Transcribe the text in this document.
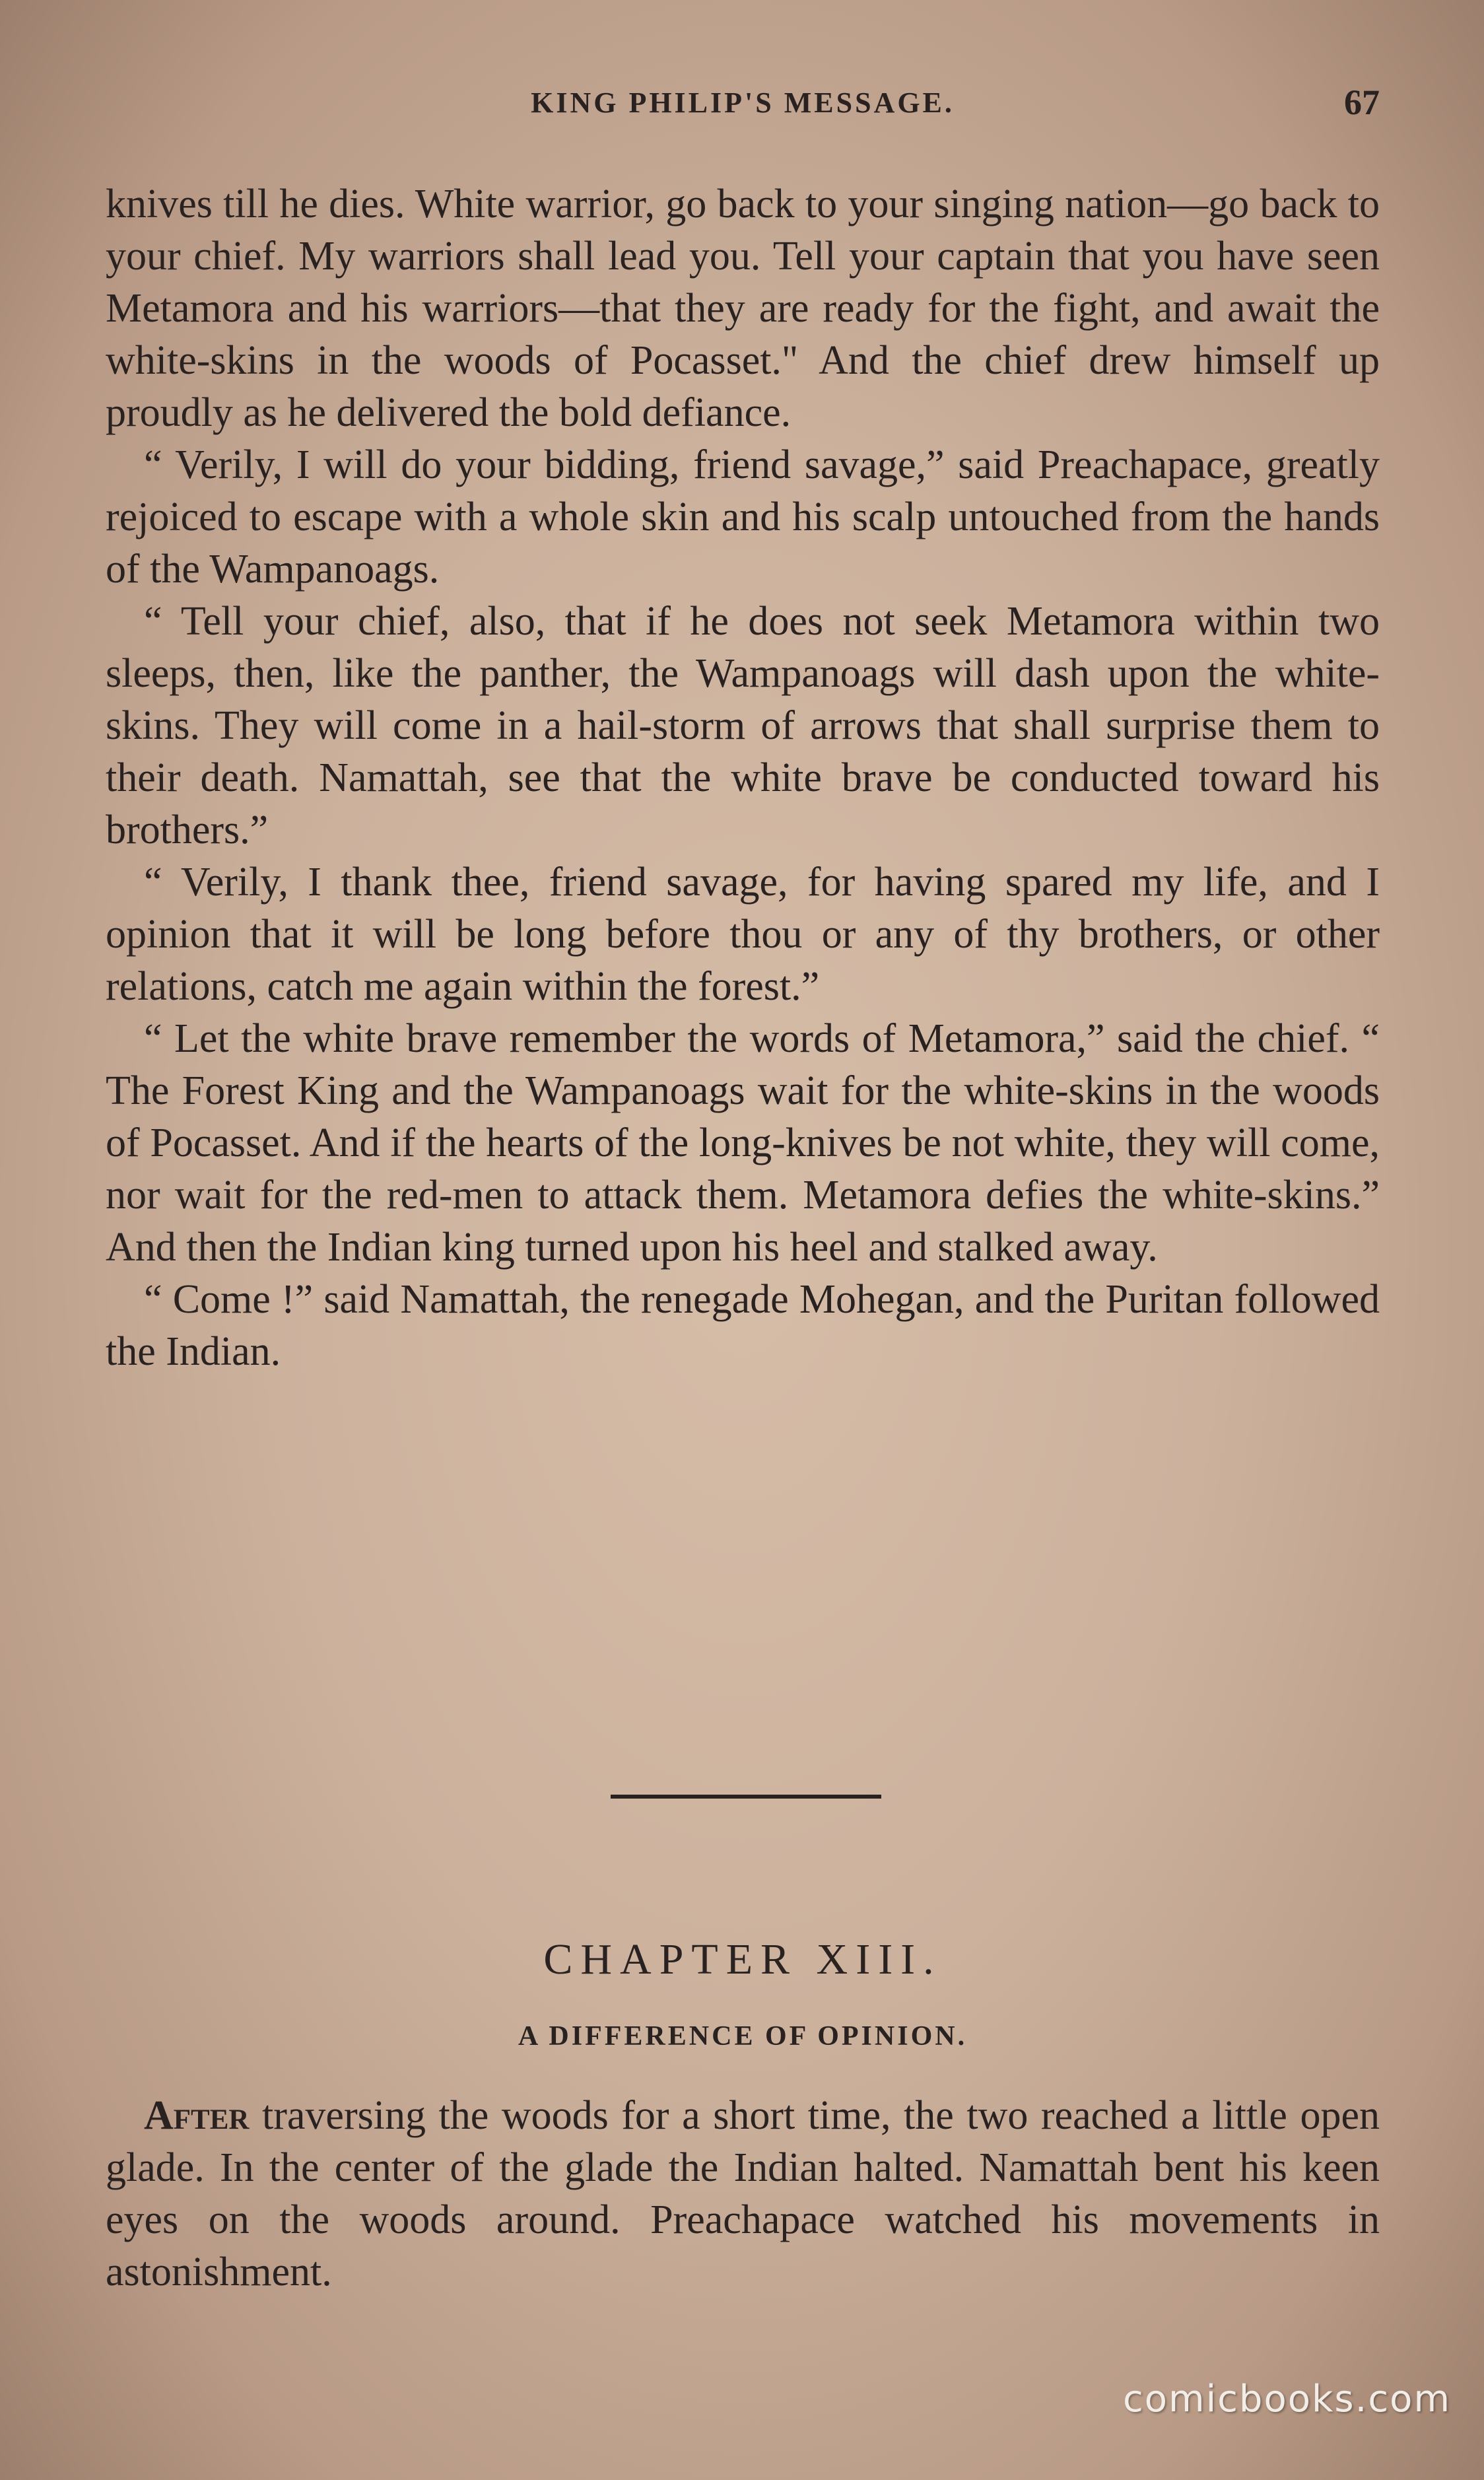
KING PHILIP'S MESSAGE.	67

knives till he dies. White warrior, go back to your singing nation—go back to your chief. My warriors shall lead you. Tell your captain that you have seen Metamora and his warriors—that they are ready for the fight, and await the white-skins in the woods of Pocasset." And the chief drew himself up proudly as he delivered the bold defiance.

“ Verily, I will do your bidding, friend savage,” said Preachapace, greatly rejoiced to escape with a whole skin and his scalp untouched from the hands of the Wampanoags.

“ Tell your chief, also, that if he does not seek Metamora within two sleeps, then, like the panther, the Wampanoags will dash upon the white-skins. They will come in a hail-storm of arrows that shall surprise them to their death. Namattah, see that the white brave be conducted toward his brothers.”

“ Verily, I thank thee, friend savage, for having spared my life, and I opinion that it will be long before thou or any of thy brothers, or other relations, catch me again within the forest.”

“ Let the white brave remember the words of Metamora,” said the chief. “ The Forest King and the Wampanoags wait for the white-skins in the woods of Pocasset. And if the hearts of the long-knives be not white, they will come, nor wait for the red-men to attack them. Metamora defies the white-skins.” And then the Indian king turned upon his heel and stalked away.

“ Come !” said Namattah, the renegade Mohegan, and the Puritan followed the Indian.

CHAPTER XIII.
A DIFFERENCE OF OPINION.

After traversing the woods for a short time, the two reached a little open glade. In the center of the glade the Indian halted. Namattah bent his keen eyes on the woods around. Preachapace watched his movements in astonishment.

comicbooks.com
